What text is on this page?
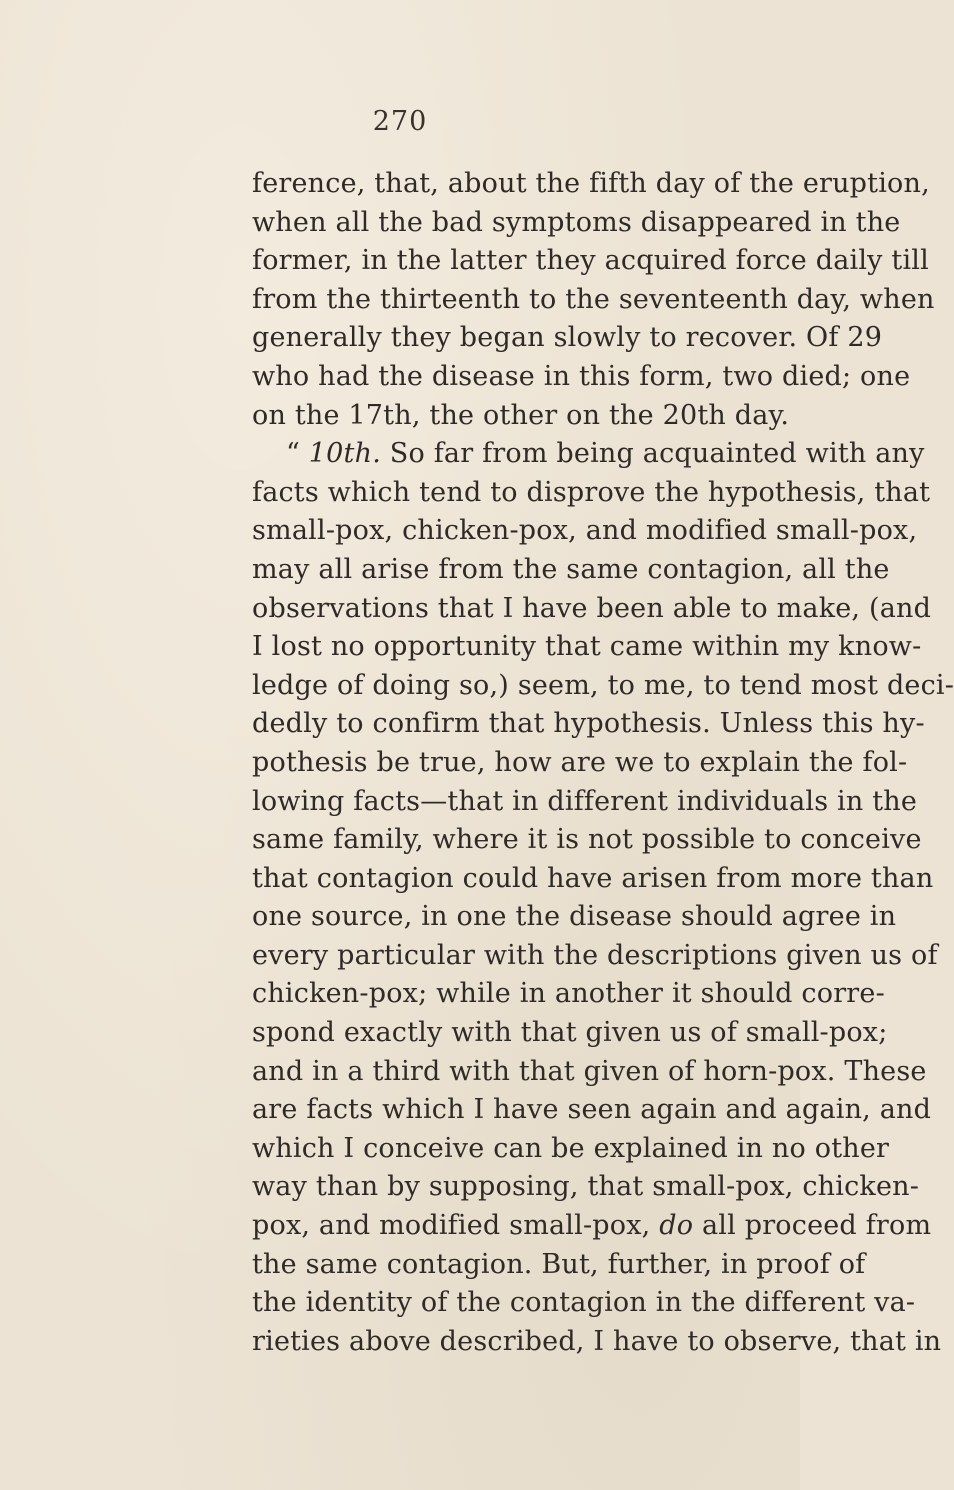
270
ference, that, about the fifth day of the eruption,
when all the bad symptoms disappeared in the
former, in the latter they acquired force daily till
from the thirteenth to the seventeenth day, when
generally they began slowly to recover. Of 29
who had the disease in this form, two died; one
on the 17th, the other on the 20th day.
“ 10th. So far from being acquainted with any
facts which tend to disprove the hypothesis, that
small-pox, chicken-pox, and modified small-pox,
may all arise from the same contagion, all the
observations that I have been able to make, (and
I lost no opportunity that came within my know-
ledge of doing so,) seem, to me, to tend most deci-
dedly to confirm that hypothesis. Unless this hy-
pothesis be true, how are we to explain the fol-
lowing facts—that in different individuals in the
same family, where it is not possible to conceive
that contagion could have arisen from more than
one source, in one the disease should agree in
every particular with the descriptions given us of
chicken-pox; while in another it should corre-
spond exactly with that given us of small-pox;
and in a third with that given of horn-pox. These
are facts which I have seen again and again, and
which I conceive can be explained in no other
way than by supposing, that small-pox, chicken-
pox, and modified small-pox, do all proceed from
the same contagion. But, further, in proof of
the identity of the contagion in the different va-
rieties above described, I have to observe, that in
